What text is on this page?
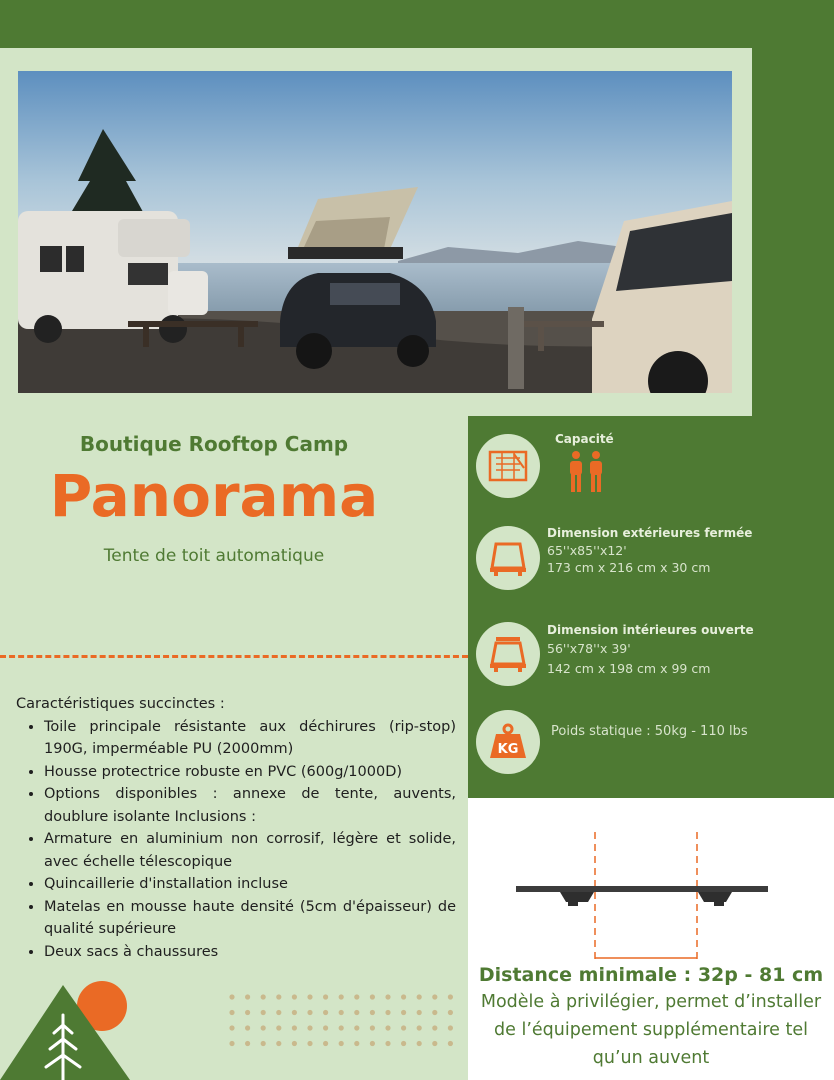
Boutique Rooftop Camp
Panorama
Tente de toit automatique
Caractéristiques succinctes :
• Toile principale résistante aux déchirures (rip-stop) 190G, imperméable PU (2000mm)
• Housse protectrice robuste en PVC (600g/1000D)
• Options disponibles : annexe de tente, auvents, doublure isolante Inclusions :
• Armature en aluminium non corrosif, légère et solide, avec échelle télescopique
• Quincaillerie d'installation incluse
• Matelas en mousse haute densité (5cm d'épaisseur) de qualité supérieure
• Deux sacs à chaussures
Capacité
Dimension extérieures fermée
65''x85''x12'
173 cm x 216 cm x 30 cm
Dimension intérieures ouverte
56''x78''x 39'
142 cm x 198 cm x 99 cm
KG
Poids statique : 50kg - 110 lbs
Distance minimale : 32p - 81 cm
Modèle à privilégier, permet d’installer de l’équipement supplémentaire tel qu’un auvent
